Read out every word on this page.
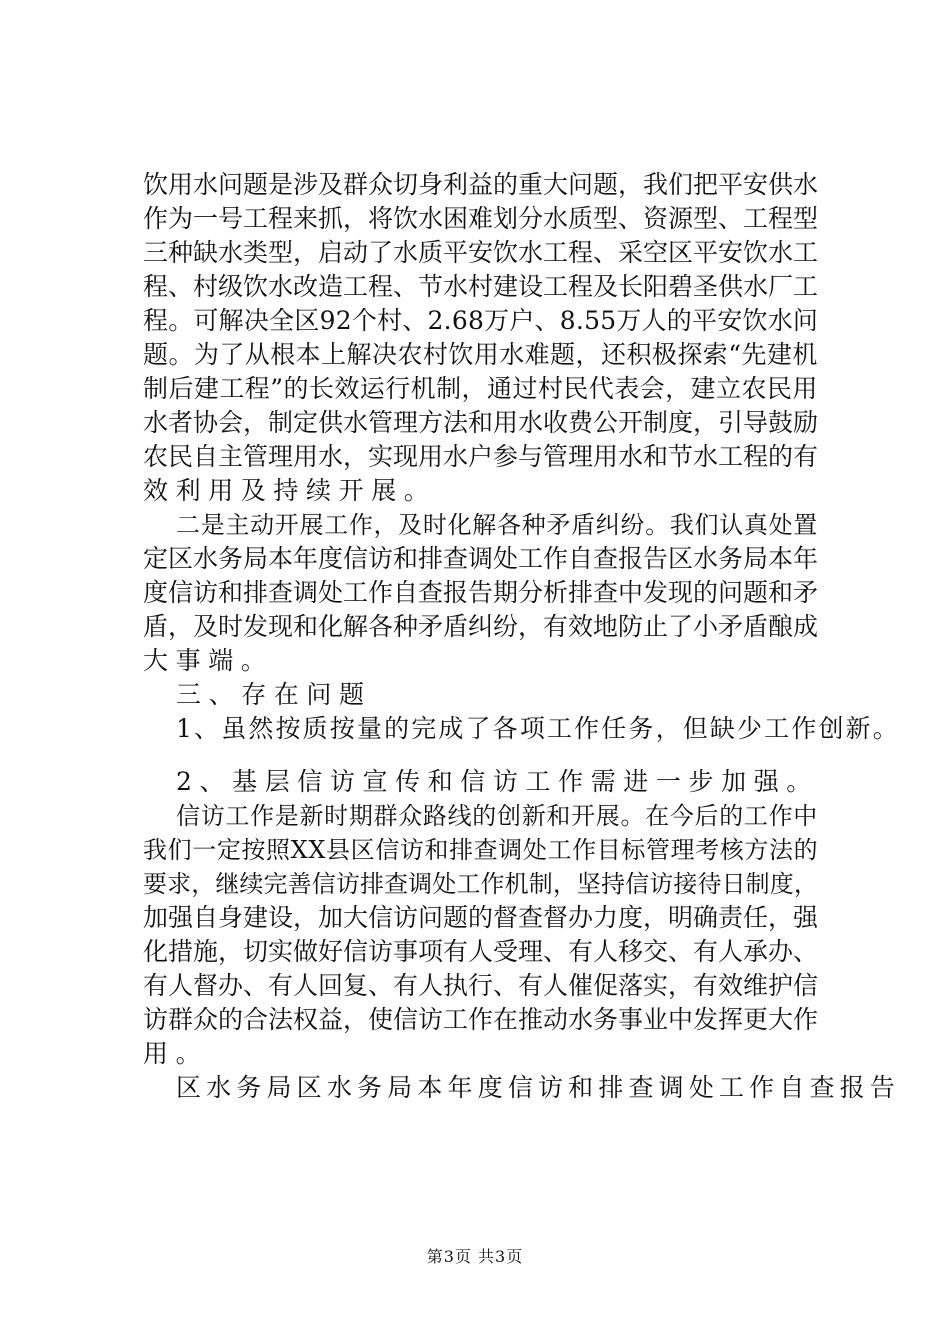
饮用水问题是涉及群众切身利益的重大问题，我们把平安供水
作为一号工程来抓，将饮水困难划分水质型、资源型、工程型
三种缺水类型，启动了水质平安饮水工程、采空区平安饮水工
程、村级饮水改造工程、节水村建设工程及长阳碧圣供水厂工
程。可解决全区92个村、2.68万户、8.55万人的平安饮水问
题。为了从根本上解决农村饮用水难题，还积极探索“先建机
制后建工程”的长效运行机制，通过村民代表会，建立农民用
水者协会，制定供水管理方法和用水收费公开制度，引导鼓励
农民自主管理用水，实现用水户参与管理用水和节水工程的有
效利用及持续开展。
二是主动开展工作，及时化解各种矛盾纠纷。我们认真处置
定区水务局本年度信访和排查调处工作自查报告区水务局本年
度信访和排查调处工作自查报告期分析排查中发现的问题和矛
盾，及时发现和化解各种矛盾纠纷，有效地防止了小矛盾酿成
大事端。
三、存在问题
1、虽然按质按量的完成了各项工作任务，但缺少工作创新。
2、基层信访宣传和信访工作需进一步加强。
信访工作是新时期群众路线的创新和开展。在今后的工作中
我们一定按照XX县区信访和排查调处工作目标管理考核方法的
要求，继续完善信访排查调处工作机制，坚持信访接待日制度，
加强自身建设，加大信访问题的督查督办力度，明确责任，强
化措施，切实做好信访事项有人受理、有人移交、有人承办、
有人督办、有人回复、有人执行、有人催促落实，有效维护信
访群众的合法权益，使信访工作在推动水务事业中发挥更大作
用。
区水务局区水务局本年度信访和排查调处工作自查报告
第3页 共3页
